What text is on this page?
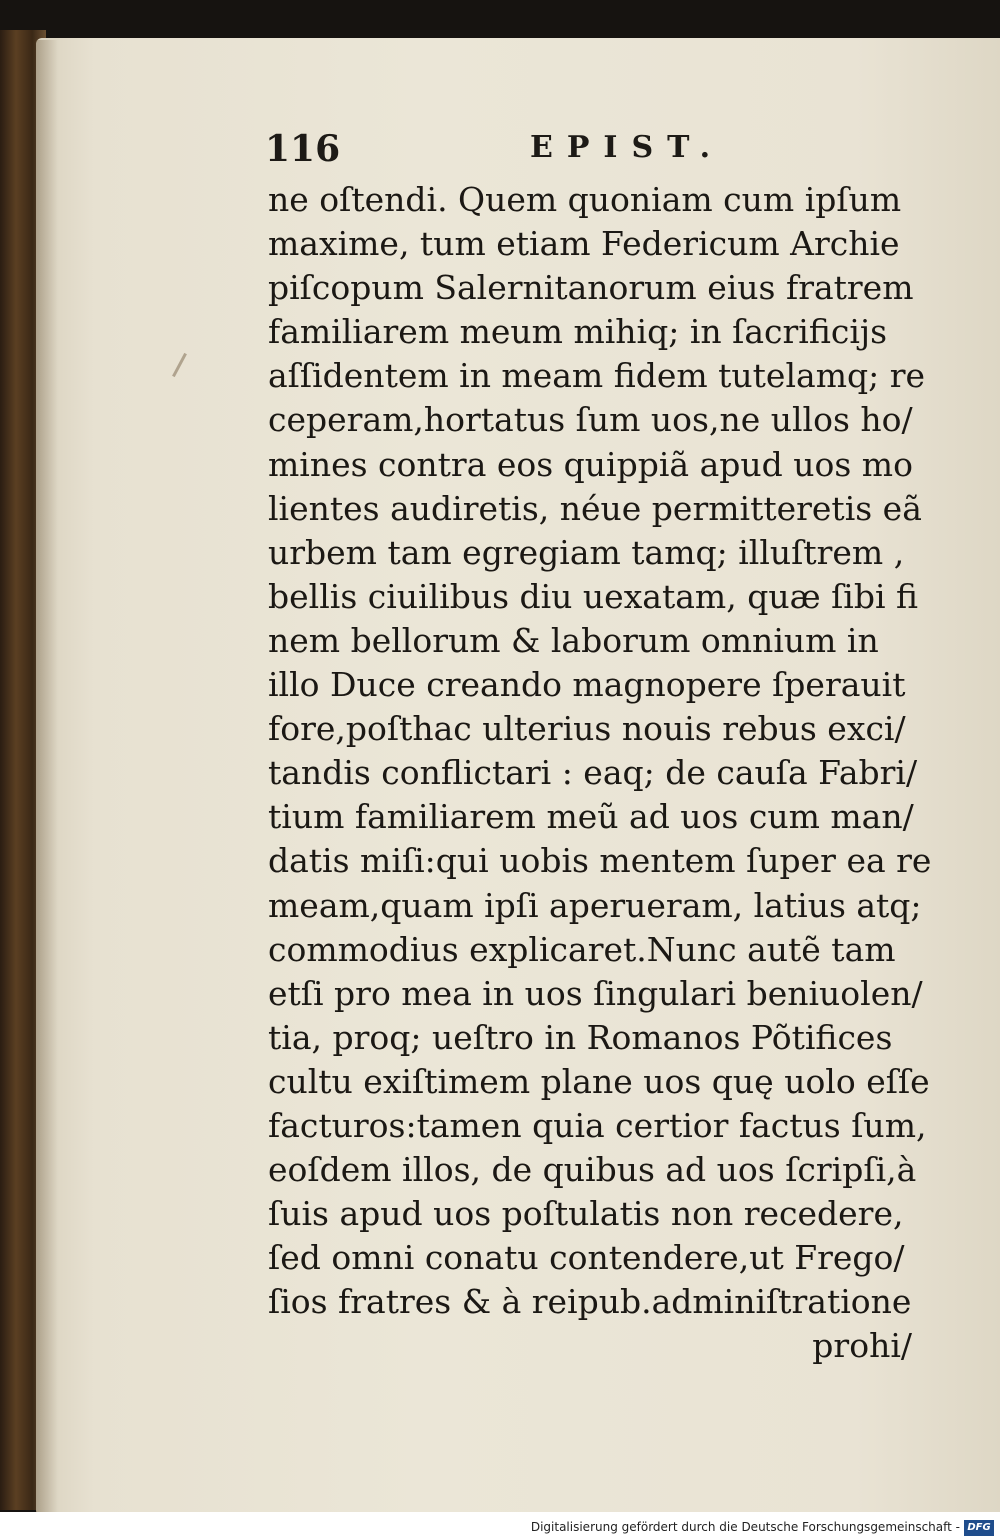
116	EPIST.
ne oſtendi. Quem quoniam cum ipſum
maxime, tum etiam Federicum Archie
piſcopum Salernitanorum eius fratrem
familiarem meum mihiq; in ſacrificijs
aſſidentem in meam fidem tutelamq; re
ceperam,hortatus ſum uos,ne ullos ho/
mines contra eos quippiã apud uos mo
lientes audiretis, néue permitteretis eã
urbem tam egregiam tamq; illuſtrem ,
bellis ciuilibus diu uexatam, quæ ſibi fi
nem bellorum & laborum omnium in
illo Duce creando magnopere ſperauit
fore,poſthac ulterius nouis rebus exci/
tandis conflictari : eaq; de cauſa Fabri/
tium familiarem meũ ad uos cum man/
datis miſi:qui uobis mentem ſuper ea re
meam,quam ipſi aperueram, latius atq;
commodius explicaret.Nunc autẽ tam
etſi pro mea in uos ſingulari beniuolen/
tia, proq; ueſtro in Romanos Põtifices
cultu exiſtimem plane uos quę uolo eſſe
facturos:tamen quia certior factus ſum,
eoſdem illos, de quibus ad uos ſcripſi,à
ſuis apud uos poſtulatis non recedere,
ſed omni conatu contendere,ut Frego/
ſios fratres & à reipub.adminiſtratione
prohi/
Digitalisierung gefördert durch die Deutsche Forschungsgemeinschaft - DFG
